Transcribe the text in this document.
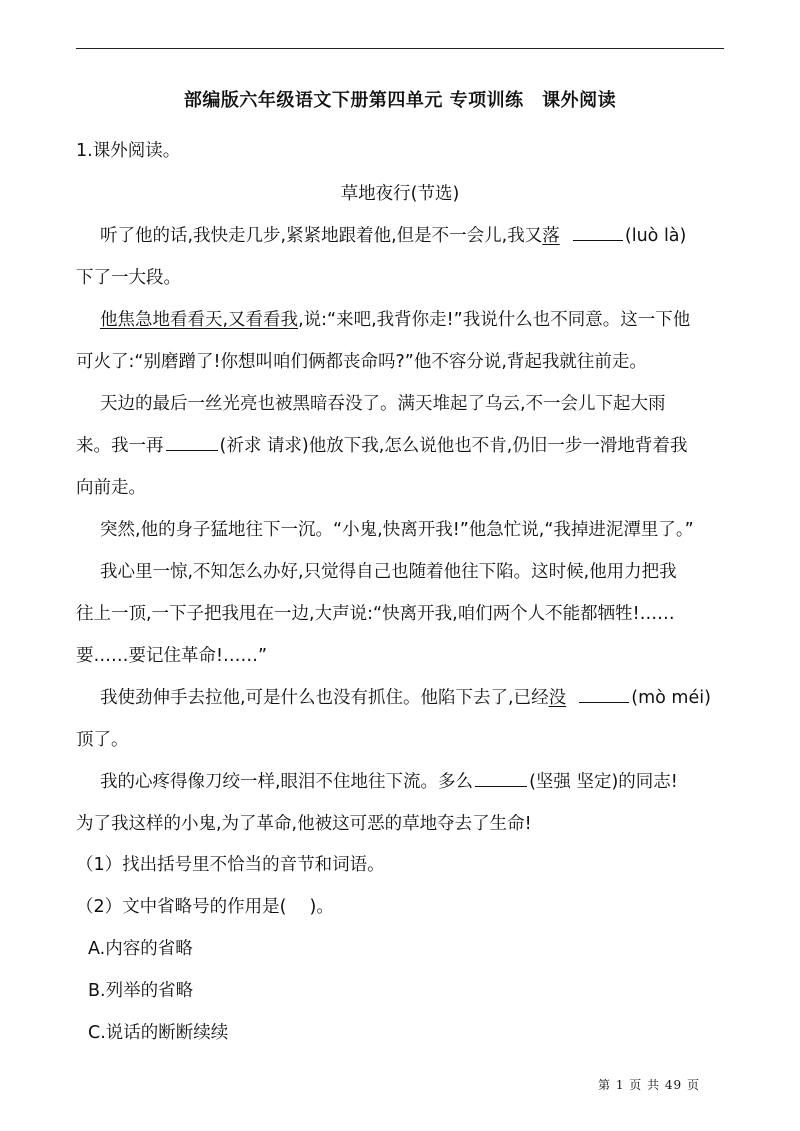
部编版六年级语文下册第四单元 专项训练　课外阅读
1.课外阅读。
草地夜行(节选)
听了他的话,我快走几步,紧紧地跟着他,但是不一会儿,我又落	(luò là)
下了一大段。
他焦急地看看天,又看看我,说:“来吧,我背你走!”我说什么也不同意。这一下他
可火了:“别磨蹭了!你想叫咱们俩都丧命吗?”他不容分说,背起我就往前走。
天边的最后一丝光亮也被黑暗吞没了。满天堆起了乌云,不一会儿下起大雨
来。我一再	(祈求 请求)他放下我,怎么说他也不肯,仍旧一步一滑地背着我
向前走。
突然,他的身子猛地往下一沉。“小鬼,快离开我!”他急忙说,“我掉进泥潭里了。”
我心里一惊,不知怎么办好,只觉得自己也随着他往下陷。这时候,他用力把我
往上一顶,一下子把我甩在一边,大声说:“快离开我,咱们两个人不能都牺牲!……
要……要记住革命!……”
我使劲伸手去拉他,可是什么也没有抓住。他陷下去了,已经没	(mò méi)
顶了。
我的心疼得像刀绞一样,眼泪不住地往下流。多么	(坚强 坚定)的同志!
为了我这样的小鬼,为了革命,他被这可恶的草地夺去了生命!
（1）找出括号里不恰当的音节和词语。
（2）文中省略号的作用是(　 )。
A.内容的省略
B.列举的省略
C.说话的断断续续
第 1 页 共 49 页
